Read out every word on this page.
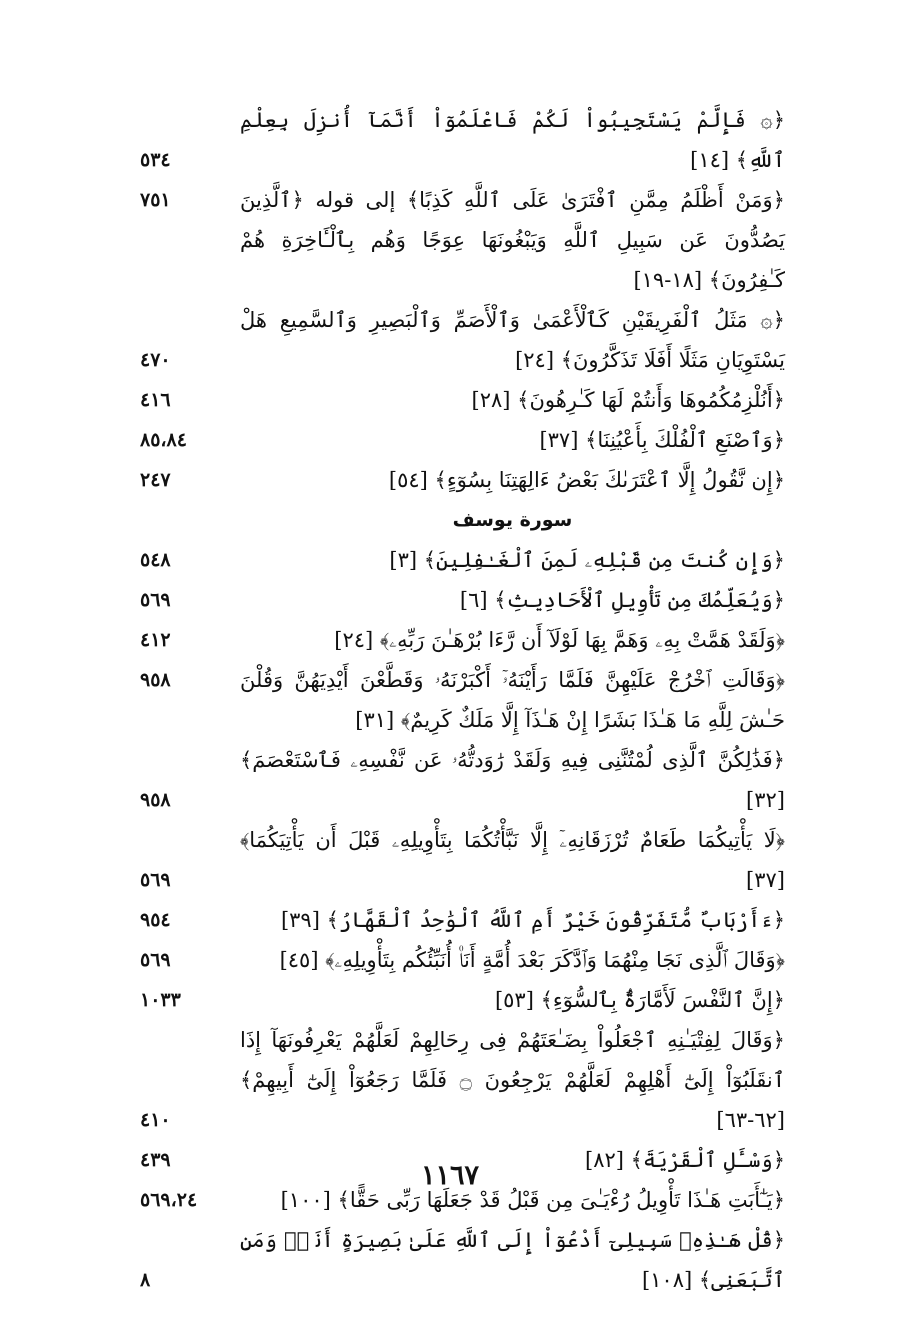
﴿۞ فَإِلَّمْ يَسْتَجِيبُواْ لَكُمْ فَاعْلَمُوٓاْ أَنَّمَآ أُنزِلَ بِعِلْمِ ٱللَّهِ﴾ [١٤]
٥٣٤
﴿وَمَنْ أَظْلَمُ مِمَّنِ ٱفْتَرَىٰ عَلَى ٱللَّهِ كَذِبًا﴾ إلى قوله ﴿ٱلَّذِينَ يَصُدُّونَ عَن سَبِيلِ ٱللَّهِ وَيَبْغُونَهَا عِوَجًا وَهُم بِٱلْـَٔاخِرَةِ هُمْ كَـٰفِرُونَ﴾ [١٨-١٩]
٧٥١
﴿۞ مَثَلُ ٱلْفَرِيقَيْنِ كَٱلْأَعْمَىٰ وَٱلْأَصَمِّ وَٱلْبَصِيرِ وَٱلسَّمِيعِ هَلْ يَسْتَوِيَانِ مَثَلًا أَفَلَا تَذَكَّرُونَ﴾ [٢٤]
٤٧٠
﴿أَنُلْزِمُكُمُوهَا وَأَنتُمْ لَهَا كَـٰرِهُونَ﴾ [٢٨]
٤١٦
﴿وَٱصْنَعِ ٱلْفُلْكَ بِأَعْيُنِنَا﴾ [٣٧]
٨٥،٨٤
﴿إِن نَّقُولُ إِلَّا ٱعْتَرَىٰكَ بَعْضُ ءَالِهَتِنَا بِسُوٓءٍ﴾ [٥٤]
٢٤٧
سورة يوسف
﴿وَإِن كُنتَ مِن قَبْلِهِۦ لَمِنَ ٱلْغَـٰفِلِينَ﴾ [٣]
٥٤٨
﴿وَيُعَلِّمُكَ مِن تَأْوِيلِ ٱلْأَحَادِيثِ﴾ [٦]
٥٦٩
﴿وَلَقَدْ هَمَّتْ بِهِۦ وَهَمَّ بِهَا لَوْلَآ أَن رَّءَا بُرْهَـٰنَ رَبِّهِۦ﴾ [٢٤]
٤١٢
﴿وَقَالَتِ ٱخْرُجْ عَلَيْهِنَّ فَلَمَّا رَأَيْنَهُۥٓ أَكْبَرْنَهُۥ وَقَطَّعْنَ أَيْدِيَهُنَّ وَقُلْنَ حَـٰشَ لِلَّهِ مَا هَـٰذَا بَشَرًا إِنْ هَـٰذَآ إِلَّا مَلَكٌ كَرِيمٌ﴾ [٣١]
٩٥٨
﴿فَذَٰلِكُنَّ ٱلَّذِى لُمْتُنَّنِى فِيهِ وَلَقَدْ رَٰوَدتُّهُۥ عَن نَّفْسِهِۦ فَٱسْتَعْصَمَ﴾ [٣٢]
٩٥٨
﴿لَا يَأْتِيكُمَا طَعَامٌ تُرْزَقَانِهِۦٓ إِلَّا نَبَّأْتُكُمَا بِتَأْوِيلِهِۦ قَبْلَ أَن يَأْتِيَكُمَا﴾ [٣٧]
٥٦٩
﴿ءَأَرْبَابٌ مُّتَفَرِّقُونَ خَيْرٌ أَمِ ٱللَّهُ ٱلْوَٰحِدُ ٱلْقَهَّارُ﴾ [٣٩]
٩٥٤
﴿وَقَالَ ٱلَّذِى نَجَا مِنْهُمَا وَٱدَّكَرَ بَعْدَ أُمَّةٍ أَنَا۠ أُنَبِّئُكُم بِتَأْوِيلِهِۦ﴾ [٤٥]
٥٦٩
﴿إِنَّ ٱلنَّفْسَ لَأَمَّارَةٌۢ بِٱلسُّوٓءِ﴾ [٥٣]
١٠٣٣
﴿وَقَالَ لِفِتْيَـٰنِهِ ٱجْعَلُواْ بِضَـٰعَتَهُمْ فِى رِحَالِهِمْ لَعَلَّهُمْ يَعْرِفُونَهَآ إِذَا ٱنقَلَبُوٓاْ إِلَىٰٓ أَهْلِهِمْ لَعَلَّهُمْ يَرْجِعُونَ ۝ فَلَمَّا رَجَعُوٓاْ إِلَىٰٓ أَبِيهِمْ﴾ [٦٢-٦٣]
٤١٠
﴿وَسْـَٔلِ ٱلْقَرْيَةَ﴾ [٨٢]
٤٣٩
﴿يَـٰٓأَبَتِ هَـٰذَا تَأْوِيلُ رُءْيَـٰىَ مِن قَبْلُ قَدْ جَعَلَهَا رَبِّى حَقًّا﴾ [١٠٠]
٥٦٩،٢٤
﴿قُلْ هَـٰذِهِۦ سَبِيلِىٓ أَدْعُوٓاْ إِلَى ٱللَّهِ عَلَىٰ بَصِيرَةٍ أَنَا۠ وَمَنِ ٱتَّبَعَنِى﴾ [١٠٨]
٨
١١٦٧
